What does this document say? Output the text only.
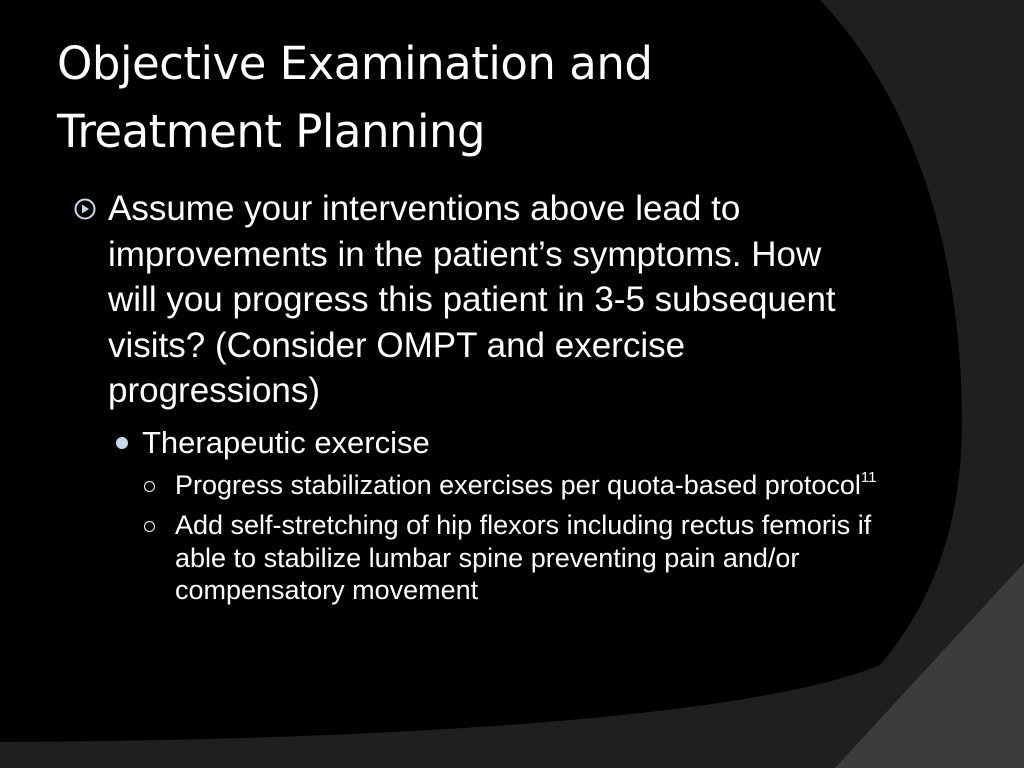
Objective Examination and Treatment Planning
Assume your interventions above lead to improvements in the patient’s symptoms. How will you progress this patient in 3-5 subsequent visits? (Consider OMPT and exercise progressions)
Therapeutic exercise
Progress stabilization exercises per quota-based protocol$^{11}$
Add self-stretching of hip flexors including rectus femoris if able to stabilize lumbar spine preventing pain and/or compensatory movement
